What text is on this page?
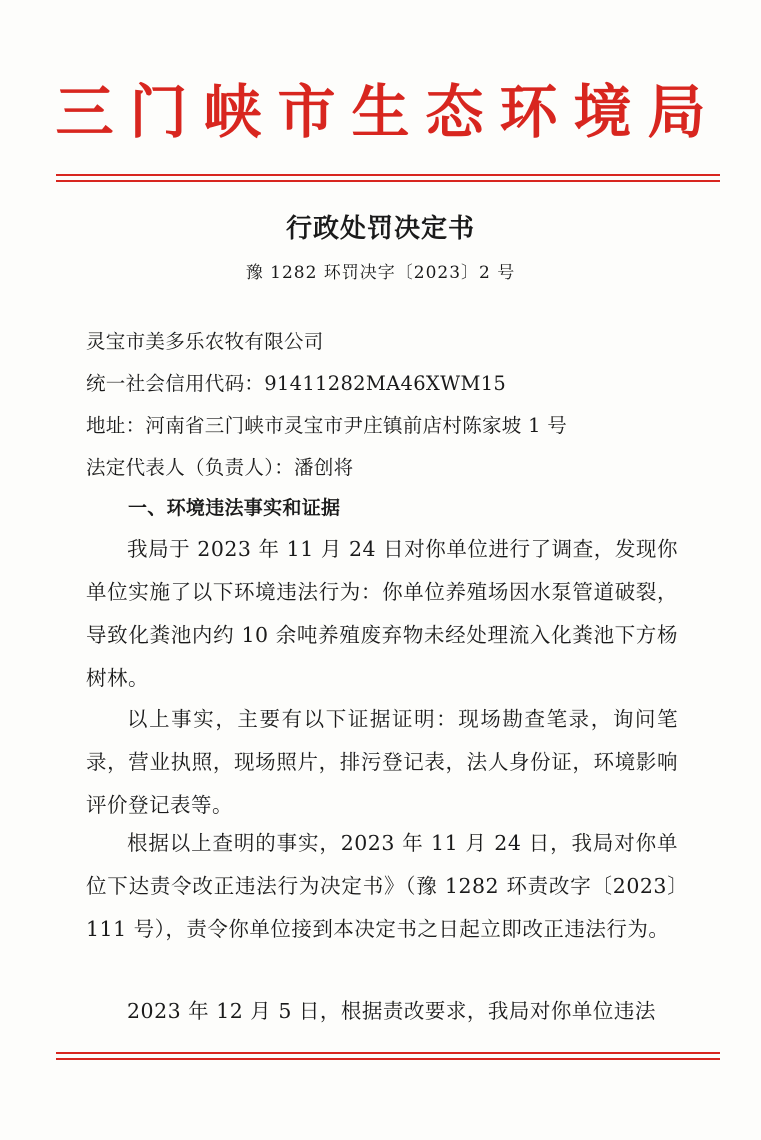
三门峡市生态环境局
行政处罚决定书
豫 1282 环罚决字〔2023〕2 号
灵宝市美多乐农牧有限公司
统一社会信用代码：91411282MA46XWM15
地址：河南省三门峡市灵宝市尹庄镇前店村陈家坡 1 号
法定代表人（负责人）：潘创将
一、环境违法事实和证据
我局于 2023 年 11 月 24 日对你单位进行了调查，发现你单位实施了以下环境违法行为：你单位养殖场因水泵管道破裂，导致化粪池内约 10 余吨养殖废弃物未经处理流入化粪池下方杨树林。
以上事实，主要有以下证据证明：现场勘查笔录，询问笔录，营业执照，现场照片，排污登记表，法人身份证，环境影响评价登记表等。
根据以上查明的事实，2023 年 11 月 24 日，我局对你单位下达责令改正违法行为决定书》（豫 1282 环责改字〔2023〕111 号），责令你单位接到本决定书之日起立即改正违法行为。
2023 年 12 月 5 日，根据责改要求，我局对你单位违法
